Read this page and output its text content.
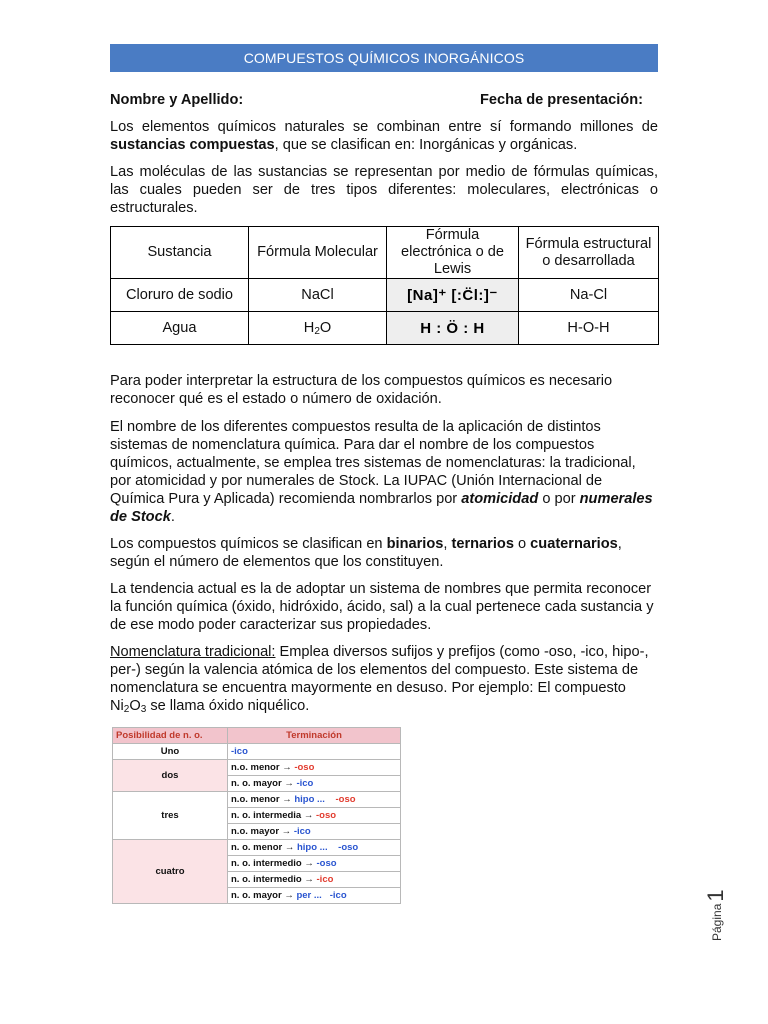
COMPUESTOS QUÍMICOS INORGÁNICOS
Nombre y Apellido:	Fecha de presentación:

Los elementos químicos naturales se combinan entre sí formando millones de sustancias compuestas, que se clasifican en: Inorgánicas y orgánicas.

Las moléculas de las sustancias se representan por medio de fórmulas químicas, las cuales pueden ser de tres tipos diferentes: moleculares, electrónicas o estructurales.

Sustancia	Fórmula Molecular	Fórmula electrónica o de Lewis	Fórmula estructural o desarrollada
Cloruro de sodio	NaCl	[Na]⁺ [:C̈l:]⁻	Na-Cl
Agua	$H_2O$	H : Ö : H	H-O-H

Para poder interpretar la estructura de los compuestos químicos es necesario reconocer qué es el estado o número de oxidación.

El nombre de los diferentes compuestos resulta de la aplicación de distintos sistemas de nomenclatura química. Para dar el nombre de los compuestos químicos, actualmente, se emplea tres sistemas de nomenclaturas: la tradicional, por atomicidad y por numerales de Stock. La IUPAC (Unión Internacional de Química Pura y Aplicada) recomienda nombrarlos por atomicidad o por numerales de Stock.

Los compuestos químicos se clasifican en binarios, ternarios o cuaternarios, según el número de elementos que los constituyen.

La tendencia actual es la de adoptar un sistema de nombres que permita reconocer la función química (óxido, hidróxido, ácido, sal) a la cual pertenece cada sustancia y de ese modo poder caracterizar sus propiedades.

Nomenclatura tradicional: Emplea diversos sufijos y prefijos (como -oso, -ico, hipo-, per-) según la valencia atómica de los elementos del compuesto. Este sistema de nomenclatura se encuentra mayormente en desuso. Por ejemplo: El compuesto $Ni_2O_3$ se llama óxido niquélico.

Posibilidad de n. o.	Terminación
Uno	-ico
dos	n.o. menor → -oso
	n. o. mayor → -ico
tres	n.o. menor → hipo ... -oso
	n. o. intermedia → -oso
	n.o. mayor → -ico
cuatro	n. o. menor → hipo ... -oso
	n. o. intermedio → -oso
	n. o. intermedio → -ico
	n. o. mayor → per ... -ico
Página1
